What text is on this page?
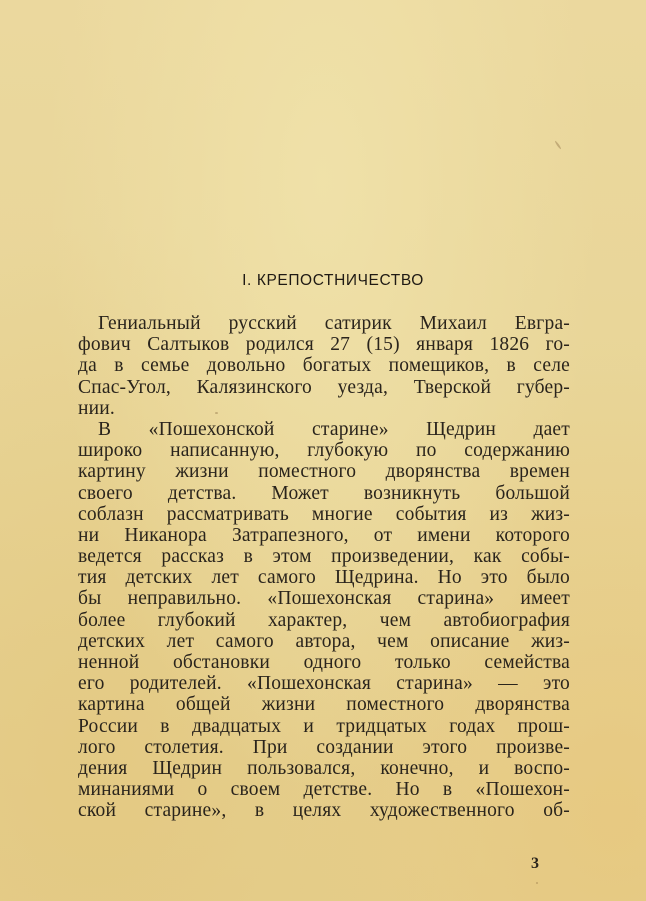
I. КРЕПОСТНИЧЕСТВО
Гениальный русский сатирик Михаил Евгра-
фович Салтыков родился 27 (15) января 1826 го-
да в семье довольно богатых помещиков, в селе
Спас-Угол, Калязинского уезда, Тверской губер-
нии.
В «Пошехонской старине» Щедрин дает
широко написанную, глубокую по содержанию
картину жизни поместного дворянства времен
своего детства. Может возникнуть большой
соблазн рассматривать многие события из жиз-
ни Никанора Затрапезного, от имени которого
ведется рассказ в этом произведении, как собы-
тия детских лет самого Щедрина. Но это было
бы неправильно. «Пошехонская старина» имеет
более глубокий характер, чем автобиография
детских лет самого автора, чем описание жиз-
ненной обстановки одного только семейства
его родителей. «Пошехонская старина» — это
картина общей жизни поместного дворянства
России в двадцатых и тридцатых годах прош-
лого столетия. При создании этого произве-
дения Щедрин пользовался, конечно, и воспо-
минаниями о своем детстве. Но в «Пошехон-
ской старине», в целях художественного об-
3
